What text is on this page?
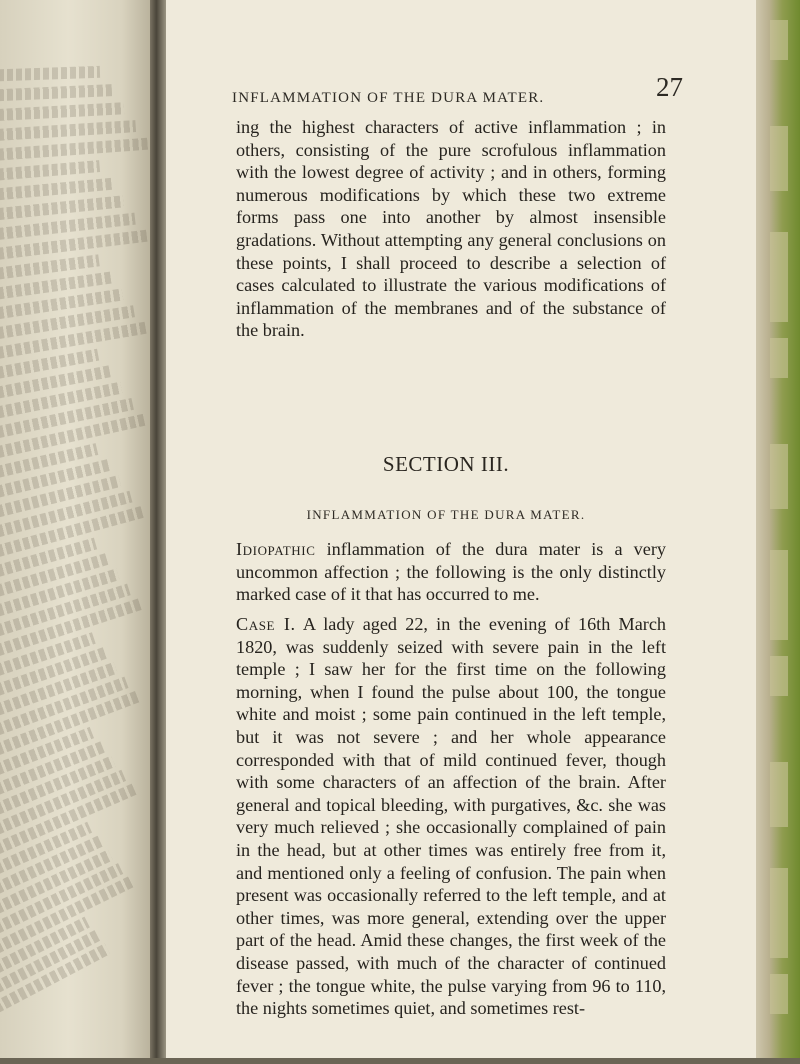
INFLAMMATION OF THE DURA MATER.	27

ing the highest characters of active inflammation ; in others, consisting of the pure scrofulous inflammation with the lowest degree of activity ; and in others, forming numerous modifications by which these two extreme forms pass one into another by almost insensible gradations. Without attempting any general conclusions on these points, I shall proceed to describe a selection of cases calculated to illustrate the various modifications of inflammation of the membranes and of the substance of the brain.

SECTION III.
INFLAMMATION OF THE DURA MATER.

Idiopathic inflammation of the dura mater is a very uncommon affection ; the following is the only distinctly marked case of it that has occurred to me.

Case I. A lady aged 22, in the evening of 16th March 1820, was suddenly seized with severe pain in the left temple ; I saw her for the first time on the following morning, when I found the pulse about 100, the tongue white and moist ; some pain continued in the left temple, but it was not severe ; and her whole appearance corresponded with that of mild continued fever, though with some characters of an affection of the brain. After general and topical bleeding, with purgatives, &c. she was very much relieved ; she occasionally complained of pain in the head, but at other times was entirely free from it, and mentioned only a feeling of confusion. The pain when present was occasionally referred to the left temple, and at other times, was more general, extending over the upper part of the head. Amid these changes, the first week of the disease passed, with much of the character of continued fever ; the tongue white, the pulse varying from 96 to 110, the nights sometimes quiet, and sometimes rest-
